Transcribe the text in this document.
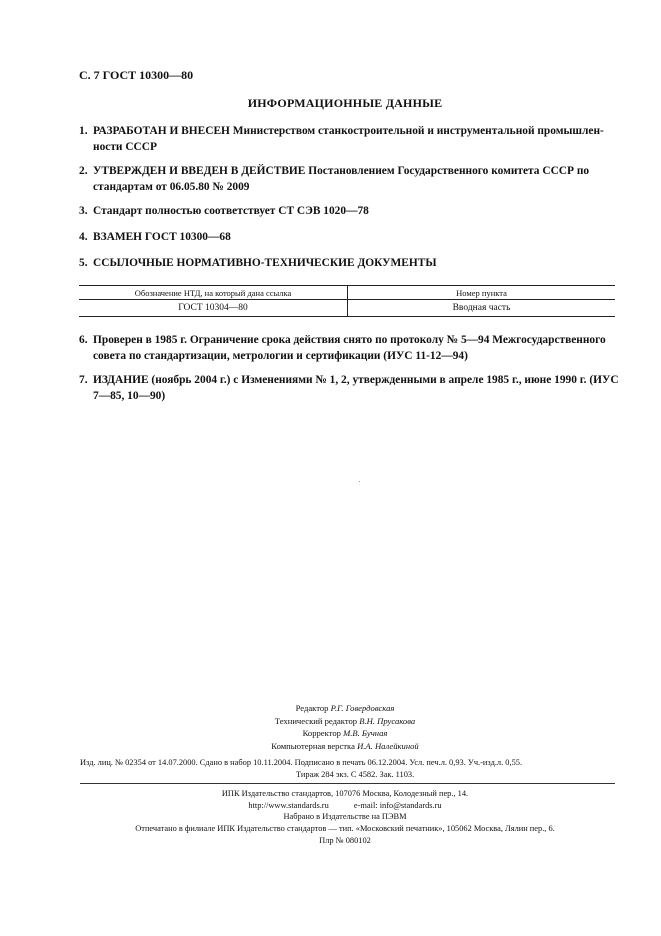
С. 7 ГОСТ 10300—80
ИНФОРМАЦИОННЫЕ ДАННЫЕ
1. РАЗРАБОТАН И ВНЕСЕН Министерством станкостроительной и инструментальной промышлен-ности СССР
2. УТВЕРЖДЕН И ВВЕДЕН В ДЕЙСТВИЕ Постановлением Государственного комитета СССР по стандартам от 06.05.80 № 2009
3. Стандарт полностью соответствует СТ СЭВ 1020—78
4. ВЗАМЕН ГОСТ 10300—68
5. ССЫЛОЧНЫЕ НОРМАТИВНО-ТЕХНИЧЕСКИЕ ДОКУМЕНТЫ
Обозначение НТД, на который дана ссылка	Номер пункта
ГОСТ 10304—80	Вводная часть
6. Проверен в 1985 г. Ограничение срока действия снято по протоколу № 5—94 Межгосударственного совета по стандартизации, метрологии и сертификации (ИУС 11-12—94)
7. ИЗДАНИЕ (ноябрь 2004 г.) с Изменениями № 1, 2, утвержденными в апреле 1985 г., июне 1990 г. (ИУС 7—85, 10—90)
Редактор Р.Г. Говердовская
Технический редактор В.Н. Прусакова
Корректор М.В. Бучная
Компьютерная верстка И.А. Налейкиной
Изд. лиц. № 02354 от 14.07.2000. Сдано в набор 10.11.2004. Подписано в печать 06.12.2004. Усл. печ.л. 0,93. Уч.-изд.л. 0,55.
Тираж 284 экз. С 4582. Зак. 1103.
ИПК Издательство стандартов, 107076 Москва, Колодезный пер., 14.
http://www.standards.ru            e-mail: info@standards.ru
Набрано в Издательстве на ПЭВМ
Отпечатано в филиале ИПК Издательство стандартов — тип. «Московский печатник», 105062 Москва, Лялин пер., 6.
Плр № 080102
